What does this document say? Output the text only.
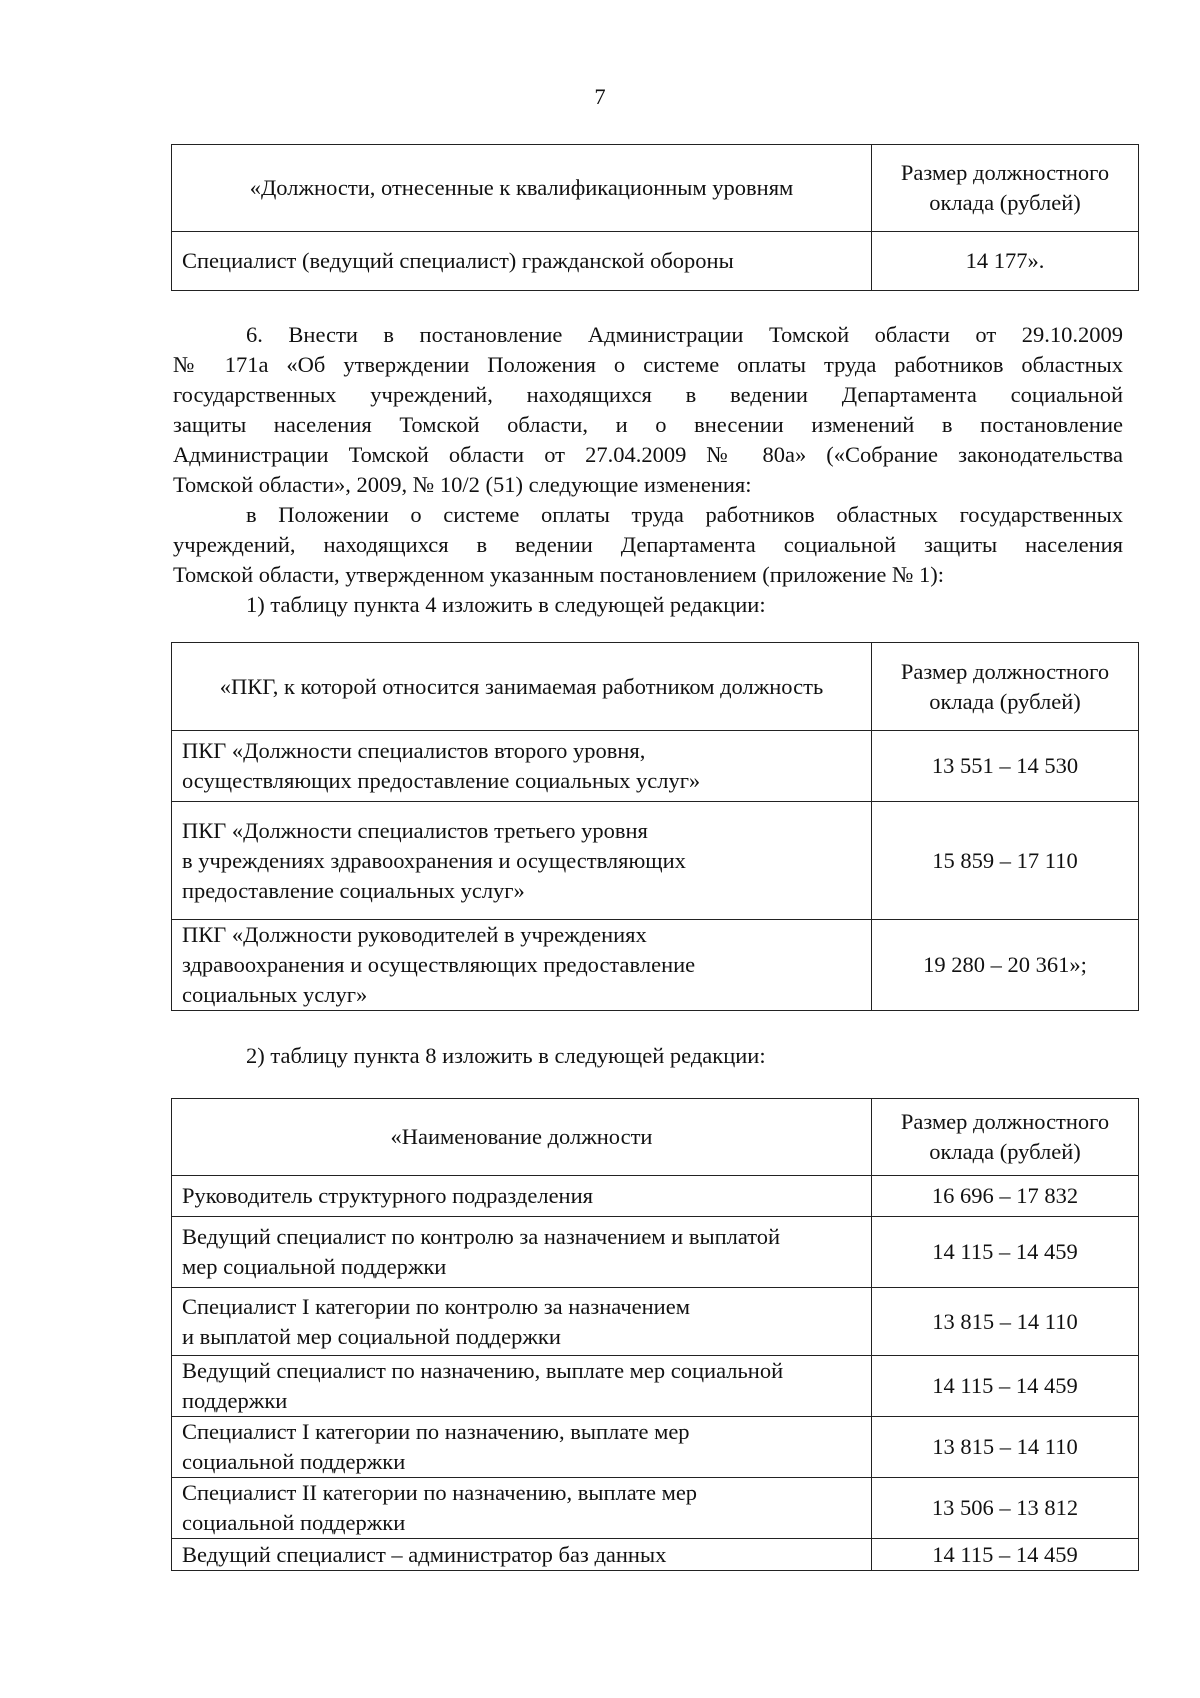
7
«Должности, отнесенные к квалификационным уровням	Размер должностного оклада (рублей)
Специалист (ведущий специалист) гражданской обороны	14 177».
6. Внести в постановление Администрации Томской области от 29.10.2009
№ 171а «Об утверждении Положения о системе оплаты труда работников областных
государственных учреждений, находящихся в ведении Департамента социальной
защиты населения Томской области, и о внесении изменений в постановление
Администрации Томской области от 27.04.2009 № 80а» («Собрание законодательства
Томской области», 2009, № 10/2 (51) следующие изменения:
в Положении о системе оплаты труда работников областных государственных
учреждений, находящихся в ведении Департамента социальной защиты населения
Томской области, утвержденном указанным постановлением (приложение № 1):
1) таблицу пункта 4 изложить в следующей редакции:
«ПКГ, к которой относится занимаемая работником должность	Размер должностного оклада (рублей)

ПКГ «Должности специалистов второго уровня,
осуществляющих предоставление социальных услуг»	13 551 – 14 530

ПКГ «Должности специалистов третьего уровня
в учреждениях здравоохранения и осуществляющих
предоставление социальных услуг»	15 859 – 17 110

ПКГ «Должности руководителей в учреждениях
здравоохранения и осуществляющих предоставление
социальных услуг»	19 280 – 20 361»;
2) таблицу пункта 8 изложить в следующей редакции:
«Наименование должности	Размер должностного оклада (рублей)

Руководитель структурного подразделения	16 696 – 17 832

Ведущий специалист по контролю за назначением и выплатой
мер социальной поддержки	14 115 – 14 459

Специалист I категории по контролю за назначением
и выплатой мер социальной поддержки	13 815 – 14 110

Ведущий специалист по назначению, выплате мер социальной
поддержки	14 115 – 14 459

Специалист I категории по назначению, выплате мер
социальной поддержки	13 815 – 14 110

Специалист II категории по назначению, выплате мер
социальной поддержки	13 506 – 13 812

Ведущий специалист – администратор баз данных	14 115 – 14 459
